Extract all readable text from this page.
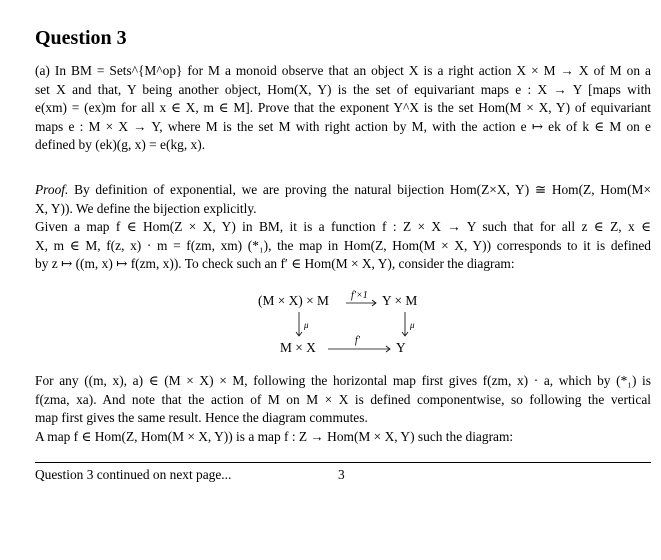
Question 3
(a) In BM = Sets^{M^op} for M a monoid observe that an object X is a right action X × M → X of M on a
set X and that, Y being another object, Hom(X, Y) is the set of equivariant maps e : X → Y [maps with
e(xm) = (ex)m for all x ∈ X, m ∈ M]. Prove that the exponent Y^X is the set Hom(M × X, Y) of equivariant
maps e : M × X → Y, where M is the set M with right action by M, with the action e ↦ ek of k ∈ M on e
defined by (ek)(g, x) = e(kg, x).
Proof. By definition of exponential, we are proving the natural bijection Hom(Z×X, Y) ≅ Hom(Z, Hom(M×
X, Y)). We define the bijection explicitly.
Given a map f ∈ Hom(Z × X, Y) in BM, it is a function f : Z × X → Y such that for all z ∈ Z, x ∈
X, m ∈ M, f(z, x) · m = f(zm, xm) (*₁), the map in Hom(Z, Hom(M × X, Y)) corresponds to it is defined
by z ↦ ((m, x) ↦ f(zm, x)). To check such an f′ ∈ Hom(M × X, Y), consider the diagram:
(M × X) × M	Y × M
M × X	Y
f′×1
f′
μ	μ
For any ((m, x), a) ∈ (M × X) × M, following the horizontal map first gives f(zm, x) · a, which by (*₁) is
f(zma, xa). And note that the action of M on M × X is defined componentwise, so following the vertical
map first gives the same result. Hence the diagram commutes.
A map f ∈ Hom(Z, Hom(M × X, Y)) is a map f : Z → Hom(M × X, Y) such the diagram:
Question 3 continued on next page...	3
